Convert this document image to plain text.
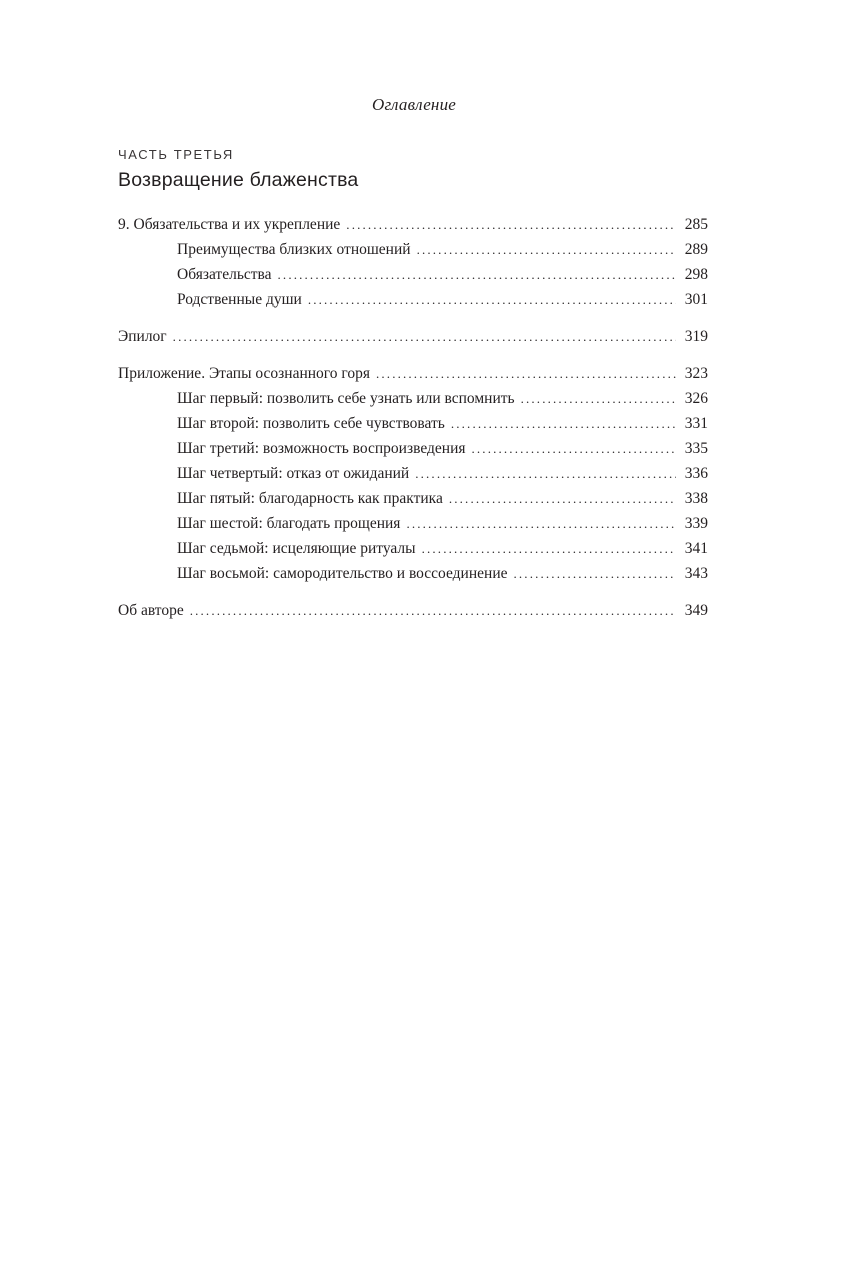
Оглавление
ЧАСТЬ ТРЕТЬЯ
Возвращение блаженства
9. Обязательства и их укрепление . . .	285
Преимущества близких отношений . . .	289
Обязательства . . .	298
Родственные души . . .	301
Эпилог . . .	319
Приложение. Этапы осознанного горя . . .	323
Шаг первый: позволить себе узнать или вспомнить . . .	326
Шаг второй: позволить себе чувствовать . . .	331
Шаг третий: возможность воспроизведения . . .	335
Шаг четвертый: отказ от ожиданий . . .	336
Шаг пятый: благодарность как практика . . .	338
Шаг шестой: благодать прощения . . .	339
Шаг седьмой: исцеляющие ритуалы . . .	341
Шаг восьмой: самородительство и воссоединение . . .	343
Об авторе . . .	349
